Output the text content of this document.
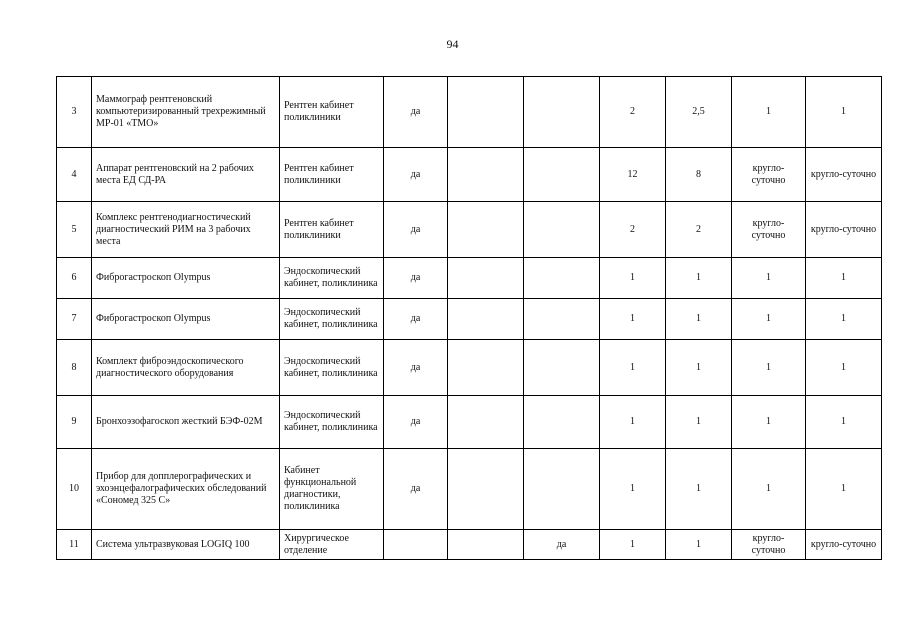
94
3	Маммограф рентгеновский компьютеризированный трехрежимный МР-01 «ТМО»	Рентген кабинет поликлиники	да			2	2,5	1	1
4	Аппарат рентгеновский на 2 рабочих места ЕД СД-РА	Рентген кабинет поликлиники	да			12	8	кругло-суточно	кругло-суточно
5	Комплекс рентгенодиагностический диагностический РИМ на 3 рабочих места	Рентген кабинет поликлиники	да			2	2	кругло-суточно	кругло-суточно
6	Фиброгастроскоп Olympus	Эндоскопический кабинет, поликлиника	да			1	1	1	1
7	Фиброгастроскоп Olympus	Эндоскопический кабинет, поликлиника	да			1	1	1	1
8	Комплект фиброэндоскопического диагностического оборудования	Эндоскопический кабинет, поликлиника	да			1	1	1	1
9	Бронхоэзофагоскоп жесткий БЭФ-02М	Эндоскопический кабинет, поликлиника	да			1	1	1	1
10	Прибор для допплерографических и эхоэнцефалографических обследований «Сономед 325 С»	Кабинет функциональной диагностики, поликлиника	да			1	1	1	1
11	Система ультразвуковая LOGIQ 100	Хирургическое отделение			да	1	1	кругло-суточно	кругло-суточно
